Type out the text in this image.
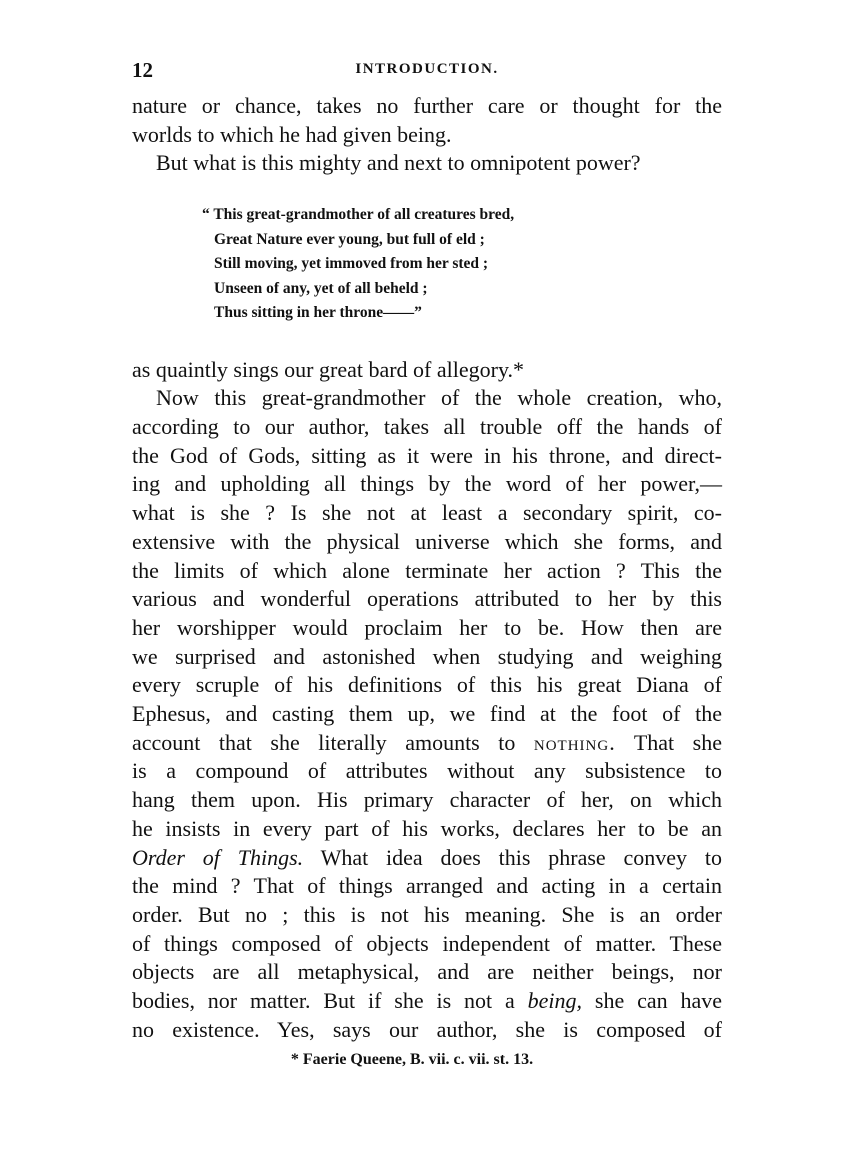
12	INTRODUCTION.

nature or chance, takes no further care or thought for the
worlds to which he had given being.

But what is this mighty and next to omnipotent power?

“ This great-grandmother of all creatures bred,
Great Nature ever young, but full of eld ;
Still moving, yet immoved from her sted ;
Unseen of any, yet of all beheld ;
Thus sitting in her throne——”

as quaintly sings our great bard of allegory.*

Now this great-grandmother of the whole creation, who,
according to our author, takes all trouble off the hands of
the God of Gods, sitting as it were in his throne, and direct-
ing and upholding all things by the word of her power,—
what is she ? Is she not at least a secondary spirit, co-
extensive with the physical universe which she forms, and
the limits of which alone terminate her action ? This the
various and wonderful operations attributed to her by this
her worshipper would proclaim her to be. How then are
we surprised and astonished when studying and weighing
every scruple of his definitions of this his great Diana of
Ephesus, and casting them up, we find at the foot of the
account that she literally amounts to nothing. That she
is a compound of attributes without any subsistence to
hang them upon. His primary character of her, on which
he insists in every part of his works, declares her to be an
Order of Things. What idea does this phrase convey to
the mind ? That of things arranged and acting in a certain
order. But no ; this is not his meaning. She is an order
of things composed of objects independent of matter. These
objects are all metaphysical, and are neither beings, nor
bodies, nor matter. But if she is not a being, she can have
no existence. Yes, says our author, she is composed of

* Faerie Queene, B. vii. c. vii. st. 13.
